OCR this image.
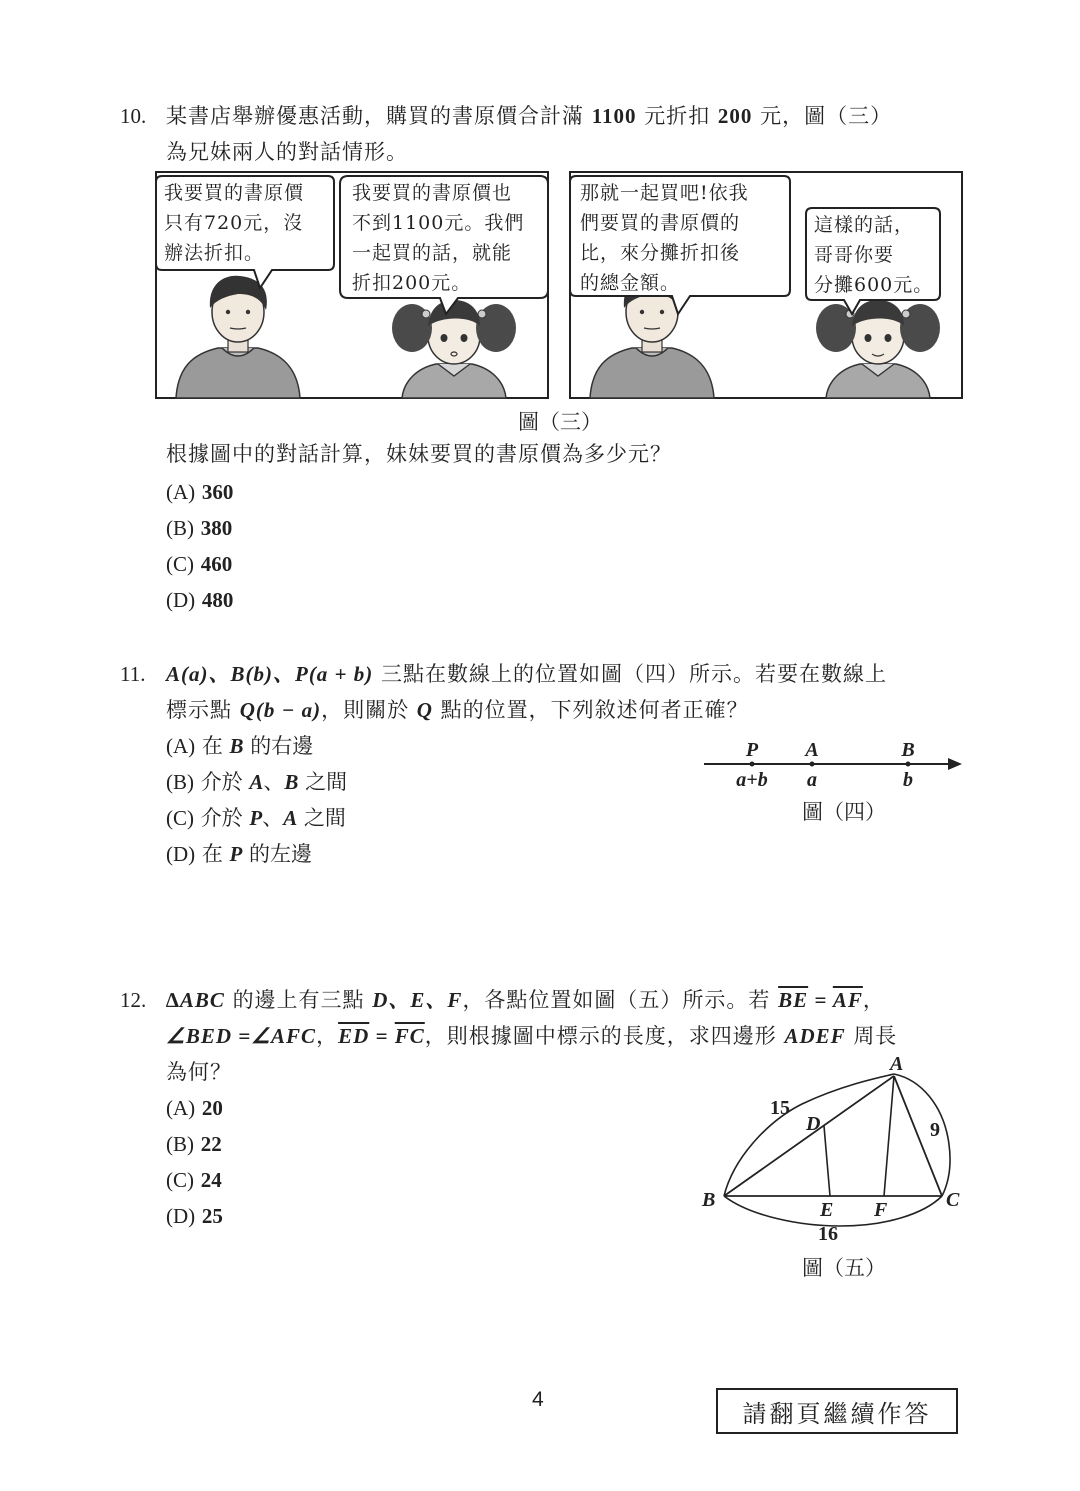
10. 某書店舉辦優惠活動，購買的書原價合計滿 1100 元折扣 200 元，圖（三）
為兄妹兩人的對話情形。
我要買的書原價
只有720元，沒
辦法折扣。
我要買的書原價也
不到1100元。我們
一起買的話，就能
折扣200元。
那就一起買吧!依我
們要買的書原價的
比，來分攤折扣後
的總金額。
這樣的話，
哥哥你要
分攤600元。
圖（三）
根據圖中的對話計算，妹妹要買的書原價為多少元？
(A) 360
(B) 380
(C) 460
(D) 480
11. A(a)、B(b)、P(a + b) 三點在數線上的位置如圖（四）所示。若要在數線上
標示點 Q(b − a)，則關於 Q 點的位置，下列敘述何者正確？
(A) 在 B 的右邊
(B) 介於 A、B 之間
(C) 介於 P、A 之間
(D) 在 P 的左邊
P A	B
a+b a	b
圖（四）
12. ∆ABC 的邊上有三點 D、E、F，各點位置如圖（五）所示。若 $\overline{BE} = \overline{AF}$，
∠BED =∠AFC，$\overline{ED} = \overline{FC}$，則根據圖中標示的長度，求四邊形 ADEF 周長
為何？
(A) 20
(B) 22
(C) 24
(D) 25
A
B	C
D
E F
15
9
16
圖（五）
4	請翻頁繼續作答
